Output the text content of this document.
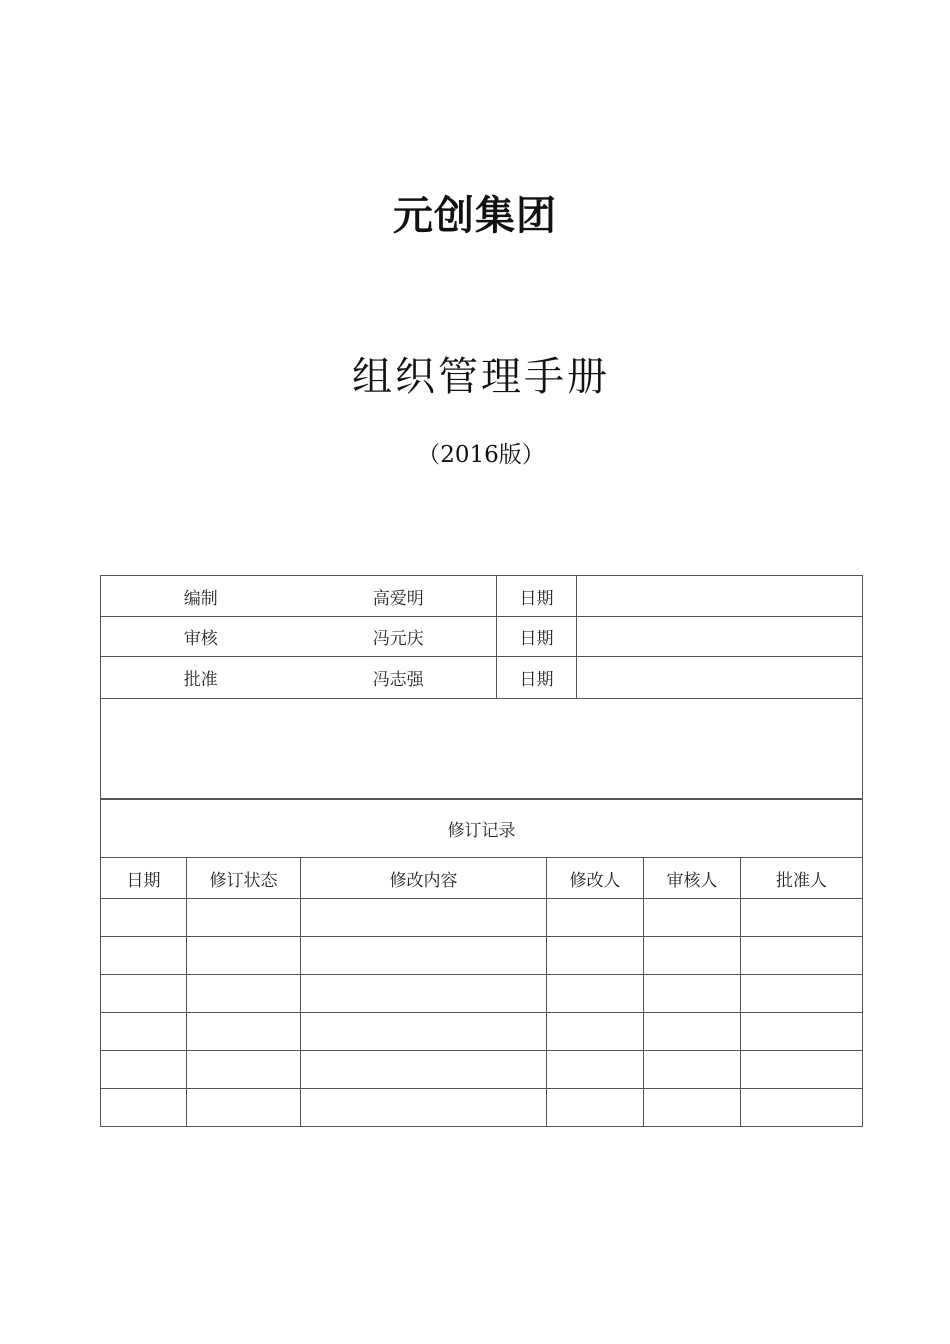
元创集团
组织管理手册
（2016版）
编制	高爱明	日期	
审核	冯元庆	日期	
批准	冯志强	日期	

修订记录					
日期	修订状态	修改内容	修改人	审核人	批准人
